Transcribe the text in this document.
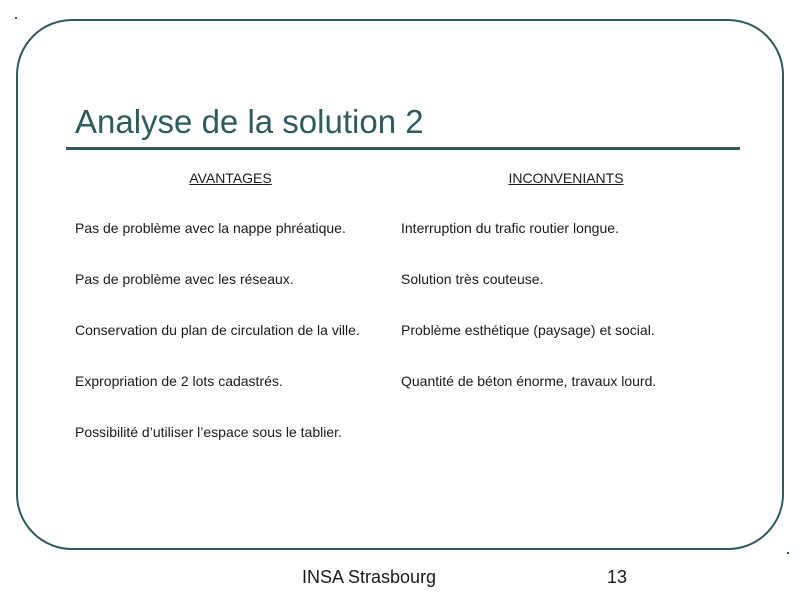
Analyse de la solution 2
AVANTAGES
Pas de problème avec la nappe phréatique.
Pas de problème avec les réseaux.
Conservation du plan de circulation de la ville.
Expropriation de 2 lots cadastrés.
Possibilité d’utiliser l’espace sous le tablier.
INCONVENIANTS
Interruption du trafic routier longue.
Solution très couteuse.
Problème esthétique (paysage) et social.
Quantité de béton énorme, travaux lourd.
INSA Strasbourg	13
